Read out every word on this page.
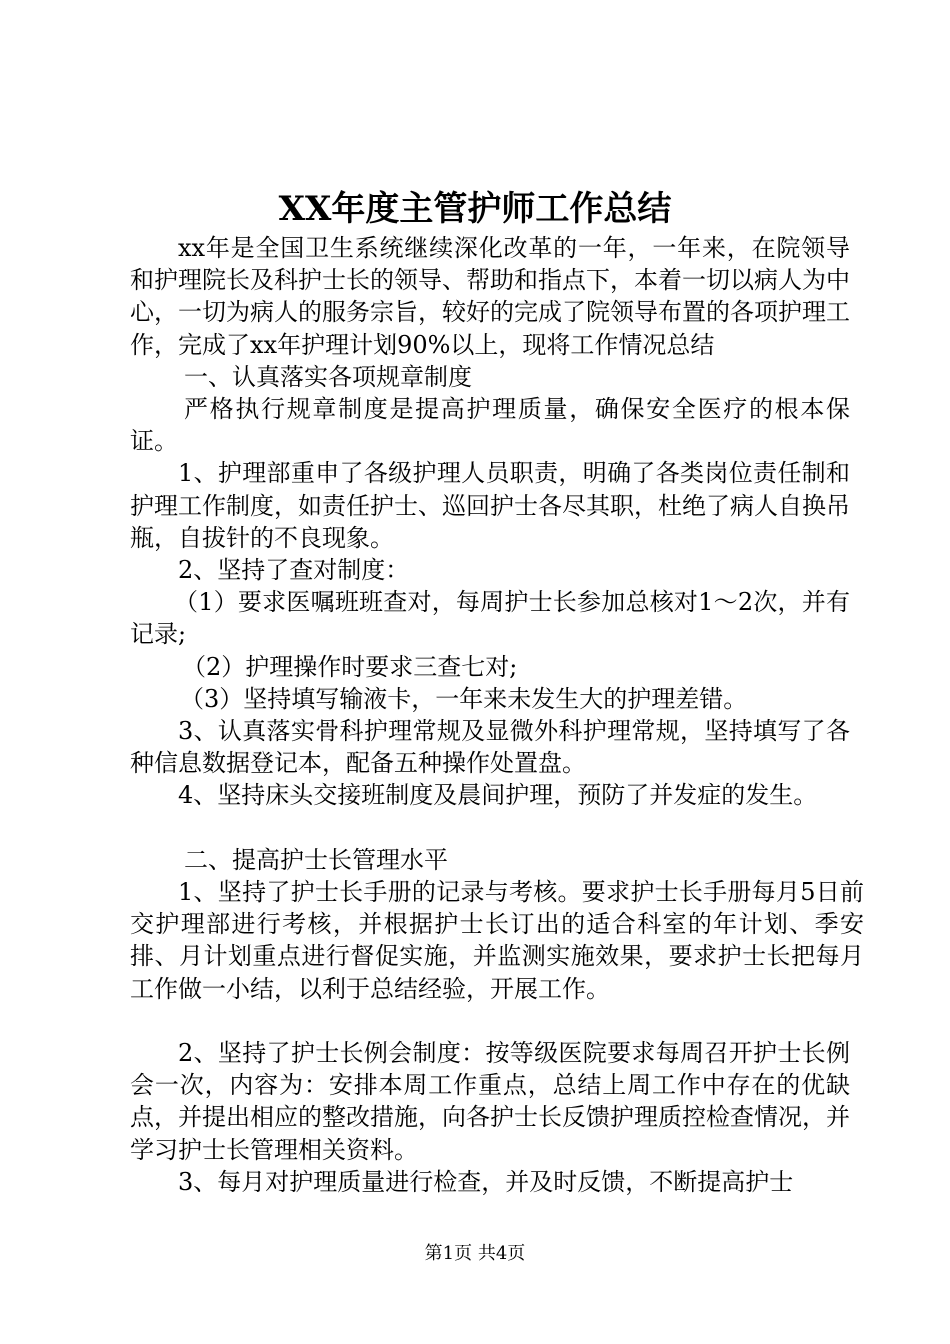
XX年度主管护师工作总结

xx年是全国卫生系统继续深化改革的一年，一年来，在院领导和护理院长及科护士长的领导、帮助和指点下，本着一切以病人为中心，一切为病人的服务宗旨，较好的完成了院领导布置的各项护理工作，完成了xx年护理计划90%以上，现将工作情况总结

一、认真落实各项规章制度

严格执行规章制度是提高护理质量，确保安全医疗的根本保证。

1、护理部重申了各级护理人员职责，明确了各类岗位责任制和护理工作制度，如责任护士、巡回护士各尽其职，杜绝了病人自换吊瓶，自拔针的不良现象。

2、坚持了查对制度：

（1）要求医嘱班班查对，每周护士长参加总核对1～2次，并有记录;

（2）护理操作时要求三查七对;

（3）坚持填写输液卡，一年来未发生大的护理差错。

3、认真落实骨科护理常规及显微外科护理常规，坚持填写了各种信息数据登记本，配备五种操作处置盘。

4、坚持床头交接班制度及晨间护理，预防了并发症的发生。

二、提高护士长管理水平

1、坚持了护士长手册的记录与考核。要求护士长手册每月5日前交护理部进行考核，并根据护士长订出的适合科室的年计划、季安排、月计划重点进行督促实施，并监测实施效果，要求护士长把每月工作做一小结，以利于总结经验，开展工作。

2、坚持了护士长例会制度：按等级医院要求每周召开护士长例会一次，内容为：安排本周工作重点，总结上周工作中存在的优缺点，并提出相应的整改措施，向各护士长反馈护理质控检查情况，并学习护士长管理相关资料。

3、每月对护理质量进行检查，并及时反馈，不断提高护士

第1页 共4页
